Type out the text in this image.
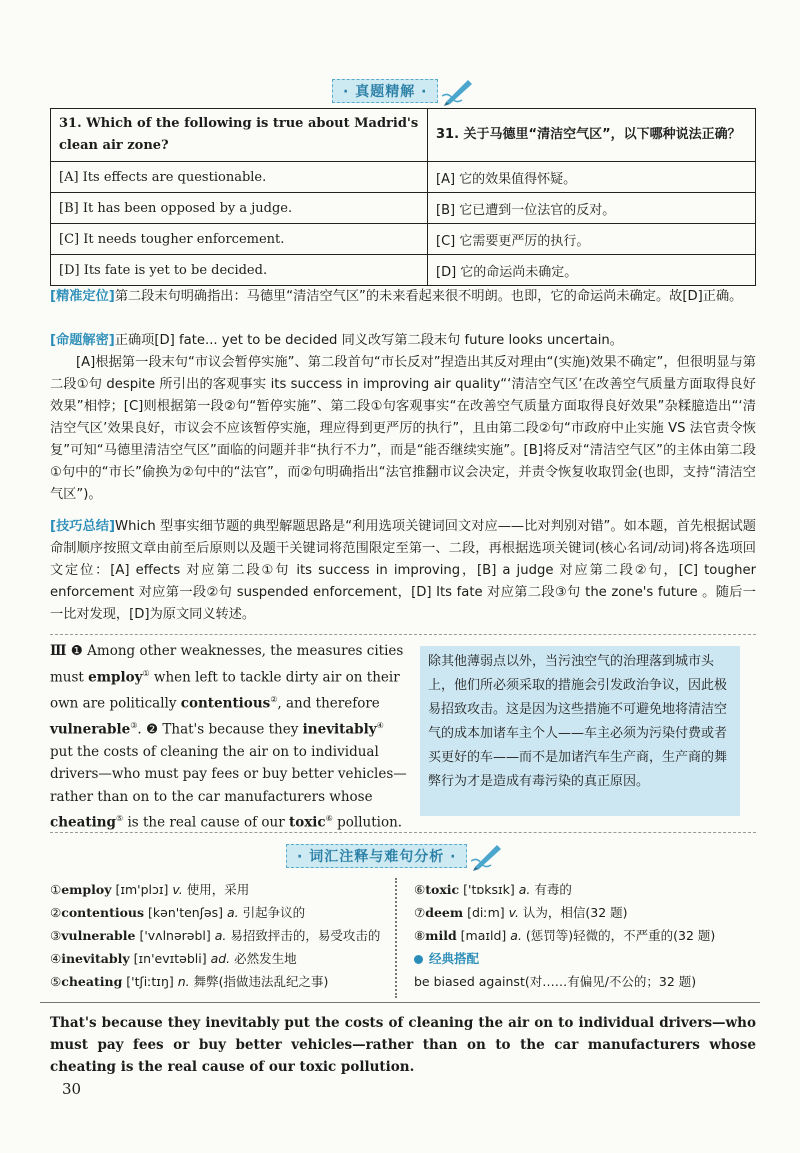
· 真题精解 ·
31. Which of the following is true about Madrid's clean air zone?	31. 关于马德里“清洁空气区”，以下哪种说法正确？
[A] Its effects are questionable.	[A] 它的效果值得怀疑。
[B] It has been opposed by a judge.	[B] 它已遭到一位法官的反对。
[C] It needs tougher enforcement.	[C] 它需要更严厉的执行。
[D] Its fate is yet to be decided.	[D] 它的命运尚未确定。
[精准定位]第二段末句明确指出：马德里“清洁空气区”的未来看起来很不明朗。也即，它的命运尚未确定。故[D]正确。
[命题解密]正确项[D] fate... yet to be decided 同义改写第二段末句 future looks uncertain。
[A]根据第一段末句“市议会暂停实施”、第二段首句“市长反对”捏造出其反对理由“(实施)效果不确定”，但很明显与第二段①句 despite 所引出的客观事实 its success in improving air quality“‘清洁空气区’在改善空气质量方面取得良好效果”相悖；[C]则根据第一段②句“暂停实施”、第二段①句客观事实“在改善空气质量方面取得良好效果”杂糅臆造出“‘清洁空气区’效果良好，市议会不应该暂停实施，理应得到更严厉的执行”，且由第二段②句“市政府中止实施 VS 法官责令恢复”可知“马德里清洁空气区”面临的问题并非“执行不力”，而是“能否继续实施”。[B]将反对“清洁空气区”的主体由第二段①句中的“市长”偷换为②句中的“法官”，而②句明确指出“法官推翻市议会决定，并责令恢复收取罚金(也即，支持“清洁空气区”)。
[技巧总结]Which 型事实细节题的典型解题思路是“利用选项关键词回文对应——比对判别对错”。如本题，首先根据试题命制顺序按照文章由前至后原则以及题干关键词将范围限定至第一、二段，再根据选项关键词(核心名词/动词)将各选项回文定位：[A] effects 对应第二段①句 its success in improving，[B] a judge 对应第二段②句，[C] tougher enforcement 对应第一段②句 suspended enforcement，[D] Its fate 对应第二段③句 the zone's future 。随后一一比对发现，[D]为原文同义转述。
Ⅲ ❶ Among other weaknesses, the measures cities must employ① when left to tackle dirty air on their own are politically contentious②, and therefore vulnerable③. ❷ That's because they inevitably④ put the costs of cleaning the air on to individual drivers—who must pay fees or buy better vehicles—rather than on to the car manufacturers whose cheating⑤ is the real cause of our toxic⑥ pollution.
除其他薄弱点以外，当污浊空气的治理落到城市头上，他们所必须采取的措施会引发政治争议，因此极易招致攻击。这是因为这些措施不可避免地将清洁空气的成本加诸车主个人——车主必须为污染付费或者买更好的车——而不是加诸汽车生产商，生产商的舞弊行为才是造成有毒污染的真正原因。
· 词汇注释与难句分析 ·
①employ [ɪm'plɔɪ] v. 使用，采用
②contentious [kən'tenʃəs] a. 引起争议的
③vulnerable ['vʌlnərəbl] a. 易招致抨击的，易受攻击的
④inevitably [ɪn'evɪtəbli] ad. 必然发生地
⑤cheating ['tʃiːtɪŋ] n. 舞弊(指做违法乱纪之事)
⑥toxic ['tɒksɪk] a. 有毒的
⑦deem [diːm] v. 认为，相信(32 题)
⑧mild [maɪld] a. (惩罚等)轻微的，不严重的(32 题)
经典搭配
be biased against(对……有偏见/不公的；32 题)
That's because they inevitably put the costs of cleaning the air on to individual drivers—who must pay fees or buy better vehicles—rather than on to the car manufacturers whose cheating is the real cause of our toxic pollution.
30
